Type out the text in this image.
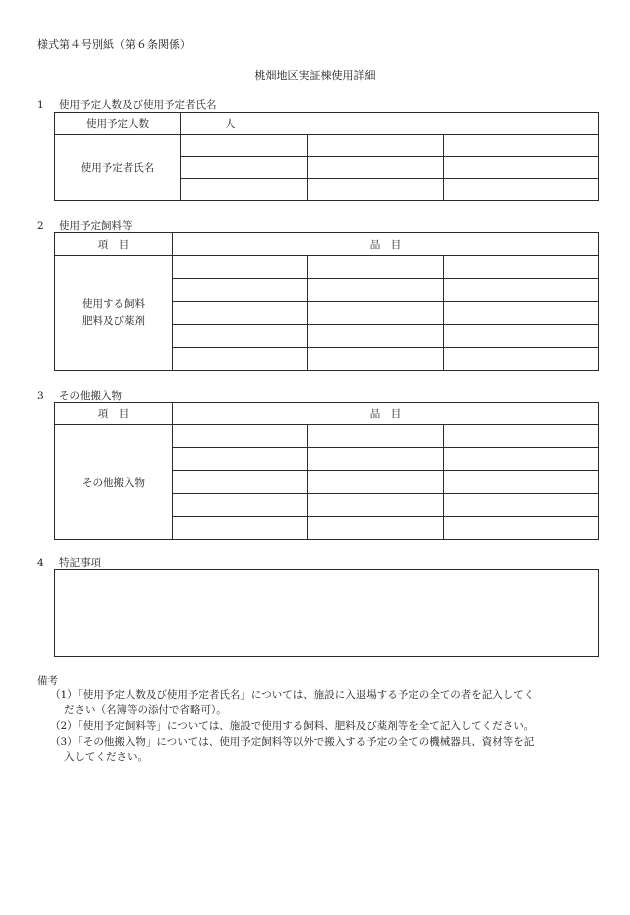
様式第４号別紙（第６条関係）
桃畑地区実証棟使用詳細
1 使用予定人数及び使用予定者氏名
使用予定人数	人		
使用予定者氏名			

2 使用予定飼料等
項　目	品　目		
使用する飼料
肥料及び薬剤			

3 その他搬入物
項　目	品　目		
その他搬入物			

4 特記事項
備考
（1）「使用予定人数及び使用予定者氏名」については、施設に入退場する予定の全ての者を記入してく
ださい（名簿等の添付で省略可）。
（2）「使用予定飼料等」については、施設で使用する飼料、肥料及び薬剤等を全て記入してください。
（3）「その他搬入物」については、使用予定飼料等以外で搬入する予定の全ての機械器具、資材等を記
入してください。
